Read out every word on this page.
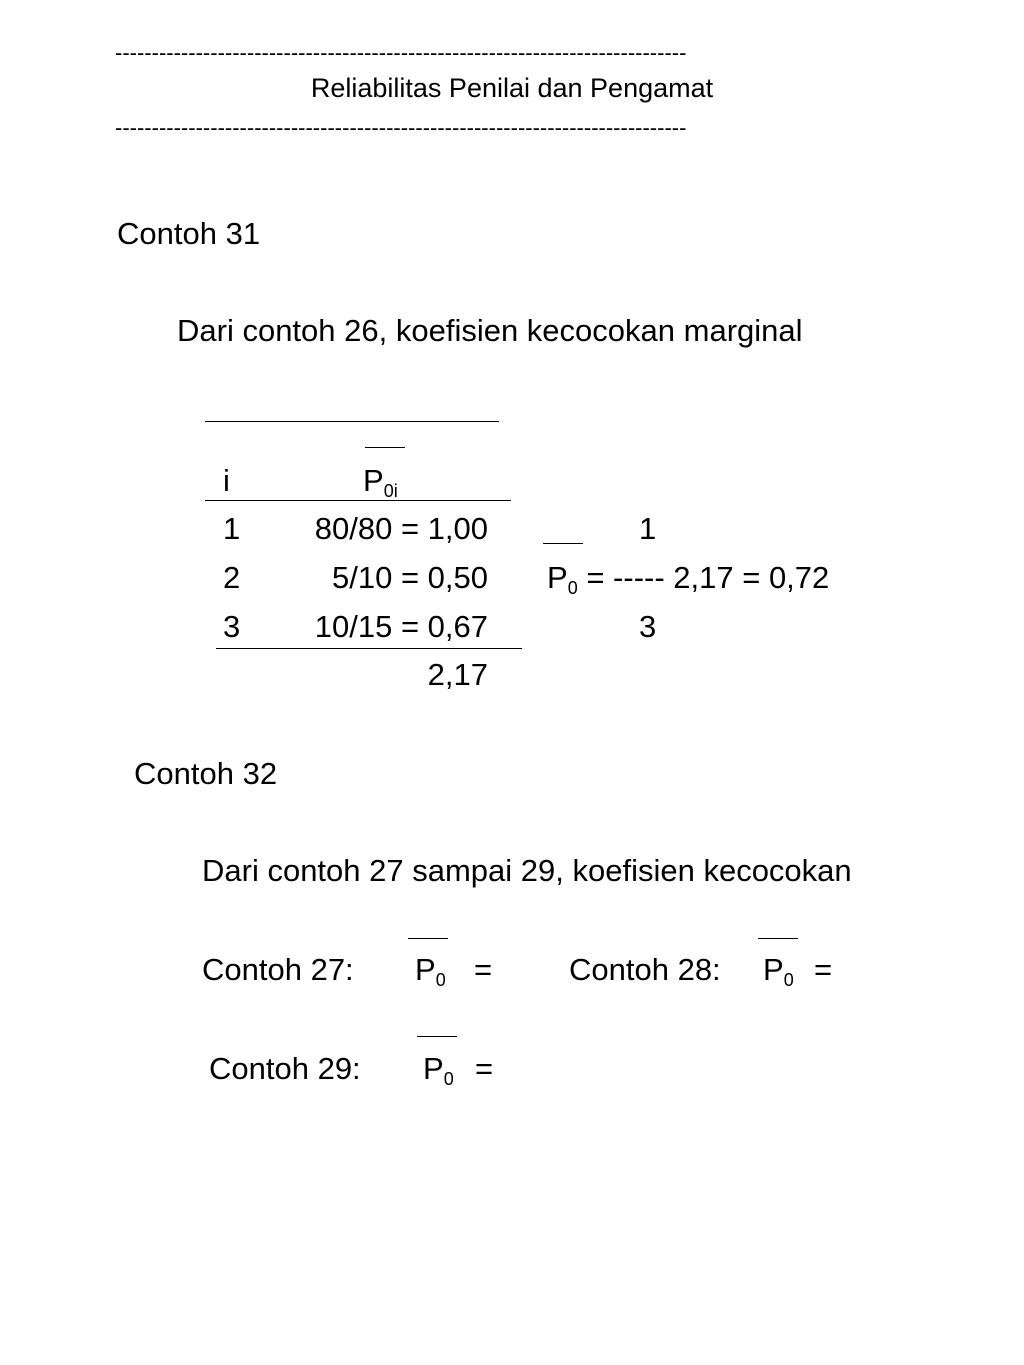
------------------------------------------------------------------------------
Reliabilitas Penilai dan Pengamat
------------------------------------------------------------------------------
Contoh 31
Dari contoh 26, koefisien kecocokan marginal
i	$P_{0i}$
1	80/80 = 1,00
2	5/10 = 0,50
3	10/15 = 0,67
2,17
1
$P_0$ = ----- 2,17 = 0,72
3
Contoh 32
Dari contoh 27 sampai 29, koefisien kecocokan
Contoh 27: $P_0$ = Contoh 28: $P_0$ =
Contoh 29: $P_0$ =
